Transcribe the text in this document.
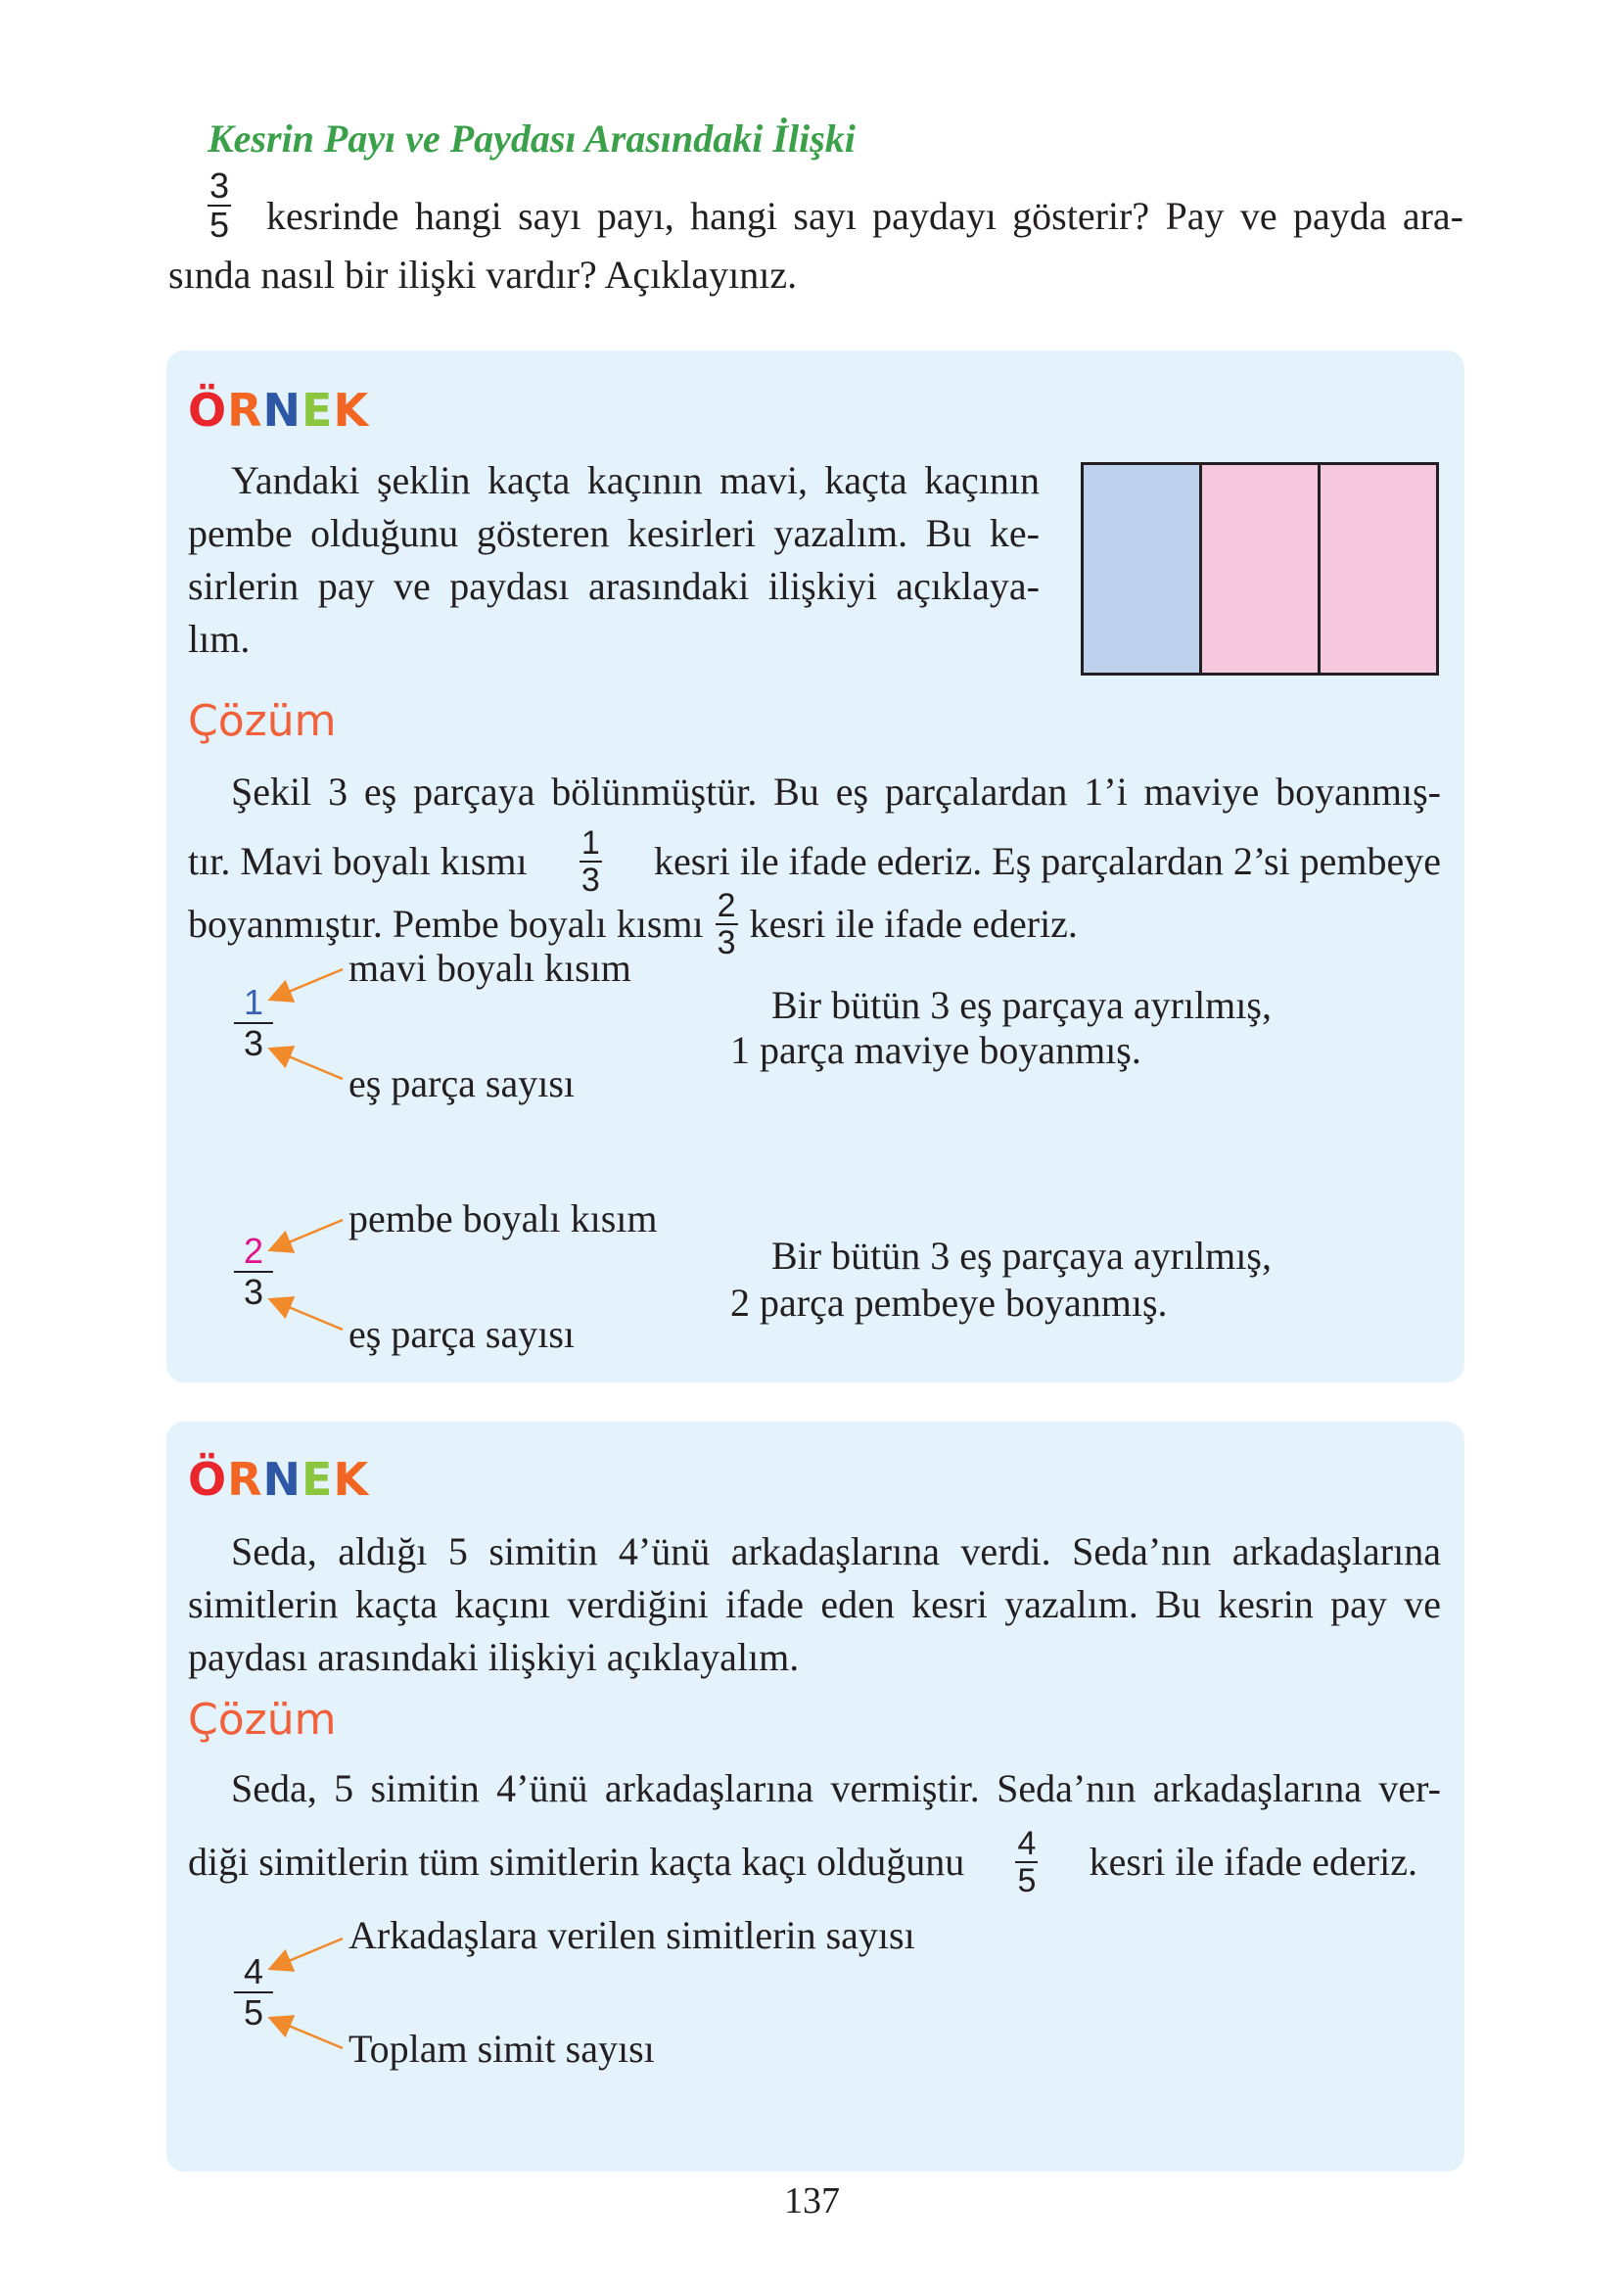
Kesrin Payı ve Paydası Arasındaki İlişki
$\frac{3}{5}$ kesrinde hangi sayı payı, hangi sayı paydayı gösterir? Pay ve payda ara-
sında nasıl bir ilişki vardır? Açıklayınız.
ÖRNEK
Yandaki şeklin kaçta kaçının mavi, kaçta kaçının
pembe olduğunu gösteren kesirleri yazalım. Bu ke-
sirlerin pay ve paydası arasındaki ilişkiyi açıklaya-
lım.
Çözüm
Şekil 3 eş parçaya bölünmüştür. Bu eş parçalardan 1’i maviye boyanmış-
tır. Mavi boyalı kısmı $\frac{1}{3}$ kesri ile ifade ederiz. Eş parçalardan 2’si pembeye
boyanmıştır. Pembe boyalı kısmı $\frac{2}{3}$ kesri ile ifade ederiz.
1
3
mavi boyalı kısım
eş parça sayısı
Bir bütün 3 eş parçaya ayrılmış,
1 parça maviye boyanmış.
2
3
pembe boyalı kısım
eş parça sayısı
Bir bütün 3 eş parçaya ayrılmış,
2 parça pembeye boyanmış.
ÖRNEK
Seda, aldığı 5 simitin 4’ünü arkadaşlarına verdi. Seda’nın arkadaşlarına
simitlerin kaçta kaçını verdiğini ifade eden kesri yazalım. Bu kesrin pay ve
paydası arasındaki ilişkiyi açıklayalım.
Çözüm
Seda, 5 simitin 4’ünü arkadaşlarına vermiştir. Seda’nın arkadaşlarına ver-
diği simitlerin tüm simitlerin kaçta kaçı olduğunu $\frac{4}{5}$ kesri ile ifade ederiz.
4
5
Arkadaşlara verilen simitlerin sayısı
Toplam simit sayısı
137
